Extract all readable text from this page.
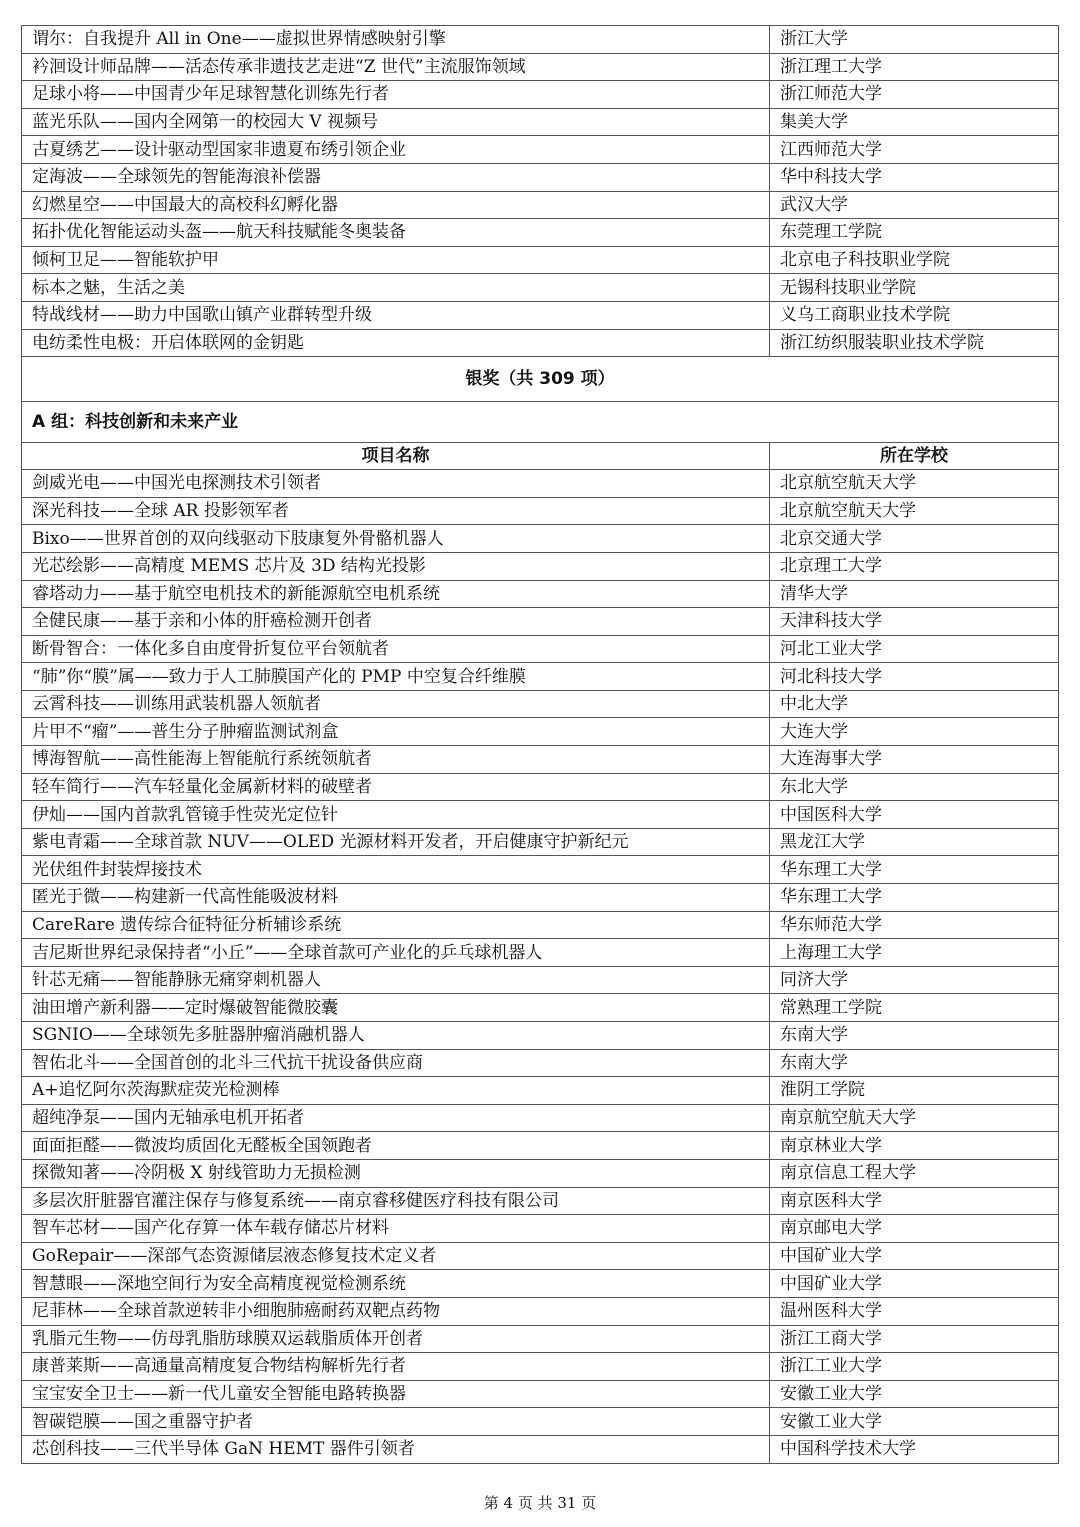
谓尔：自我提升 All in One——虚拟世界情感映射引擎	浙江大学
衿洄设计师品牌——活态传承非遗技艺走进“Z 世代”主流服饰领域	浙江理工大学
足球小将——中国青少年足球智慧化训练先行者	浙江师范大学
蓝光乐队——国内全网第一的校园大 V 视频号	集美大学
古夏绣艺——设计驱动型国家非遗夏布绣引领企业	江西师范大学
定海波——全球领先的智能海浪补偿器	华中科技大学
幻燃星空——中国最大的高校科幻孵化器	武汉大学
拓扑优化智能运动头盔——航天科技赋能冬奥装备	东莞理工学院
倾柯卫足——智能软护甲	北京电子科技职业学院
标本之魅，生活之美	无锡科技职业学院
特战线材——助力中国歌山镇产业群转型升级	义乌工商职业技术学院
电纺柔性电极：开启体联网的金钥匙	浙江纺织服装职业技术学院
银奖（共 309 项）	
A 组：科技创新和未来产业	
项目名称	所在学校
剑威光电——中国光电探测技术引领者	北京航空航天大学
深光科技——全球 AR 投影领军者	北京航空航天大学
Bixo——世界首创的双向线驱动下肢康复外骨骼机器人	北京交通大学
光芯绘影——高精度 MEMS 芯片及 3D 结构光投影	北京理工大学
睿塔动力——基于航空电机技术的新能源航空电机系统	清华大学
全健民康——基于亲和小体的肝癌检测开创者	天津科技大学
断骨智合：一体化多自由度骨折复位平台领航者	河北工业大学
“肺”你“膜”属——致力于人工肺膜国产化的 PMP 中空复合纤维膜	河北科技大学
云霄科技——训练用武装机器人领航者	中北大学
片甲不“瘤”——普生分子肿瘤监测试剂盒	大连大学
博海智航——高性能海上智能航行系统领航者	大连海事大学
轻车简行——汽车轻量化金属新材料的破壁者	东北大学
伊灿——国内首款乳管镜手性荧光定位针	中国医科大学
紫电青霜——全球首款 NUV——OLED 光源材料开发者，开启健康守护新纪元	黑龙江大学
光伏组件封装焊接技术	华东理工大学
匿光于微——构建新一代高性能吸波材料	华东理工大学
CareRare 遗传综合征特征分析辅诊系统	华东师范大学
吉尼斯世界纪录保持者“小丘”——全球首款可产业化的乒乓球机器人	上海理工大学
针芯无痛——智能静脉无痛穿刺机器人	同济大学
油田增产新利器——定时爆破智能微胶囊	常熟理工学院
SGNIO——全球领先多脏器肿瘤消融机器人	东南大学
智佑北斗——全国首创的北斗三代抗干扰设备供应商	东南大学
A+追忆阿尔茨海默症荧光检测棒	淮阴工学院
超纯净泵——国内无轴承电机开拓者	南京航空航天大学
面面拒醛——微波均质固化无醛板全国领跑者	南京林业大学
探微知著——冷阴极 X 射线管助力无损检测	南京信息工程大学
多层次肝脏器官灌注保存与修复系统——南京睿移健医疗科技有限公司	南京医科大学
智车芯材——国产化存算一体车载存储芯片材料	南京邮电大学
GoRepair——深部气态资源储层液态修复技术定义者	中国矿业大学
智慧眼——深地空间行为安全高精度视觉检测系统	中国矿业大学
尼菲林——全球首款逆转非小细胞肺癌耐药双靶点药物	温州医科大学
乳脂元生物——仿母乳脂肪球膜双运载脂质体开创者	浙江工商大学
康普莱斯——高通量高精度复合物结构解析先行者	浙江工业大学
宝宝安全卫士——新一代儿童安全智能电路转换器	安徽工业大学
智碳铠膜——国之重器守护者	安徽工业大学
芯创科技——三代半导体 GaN HEMT 器件引领者	中国科学技术大学
第 4 页 共 31 页
